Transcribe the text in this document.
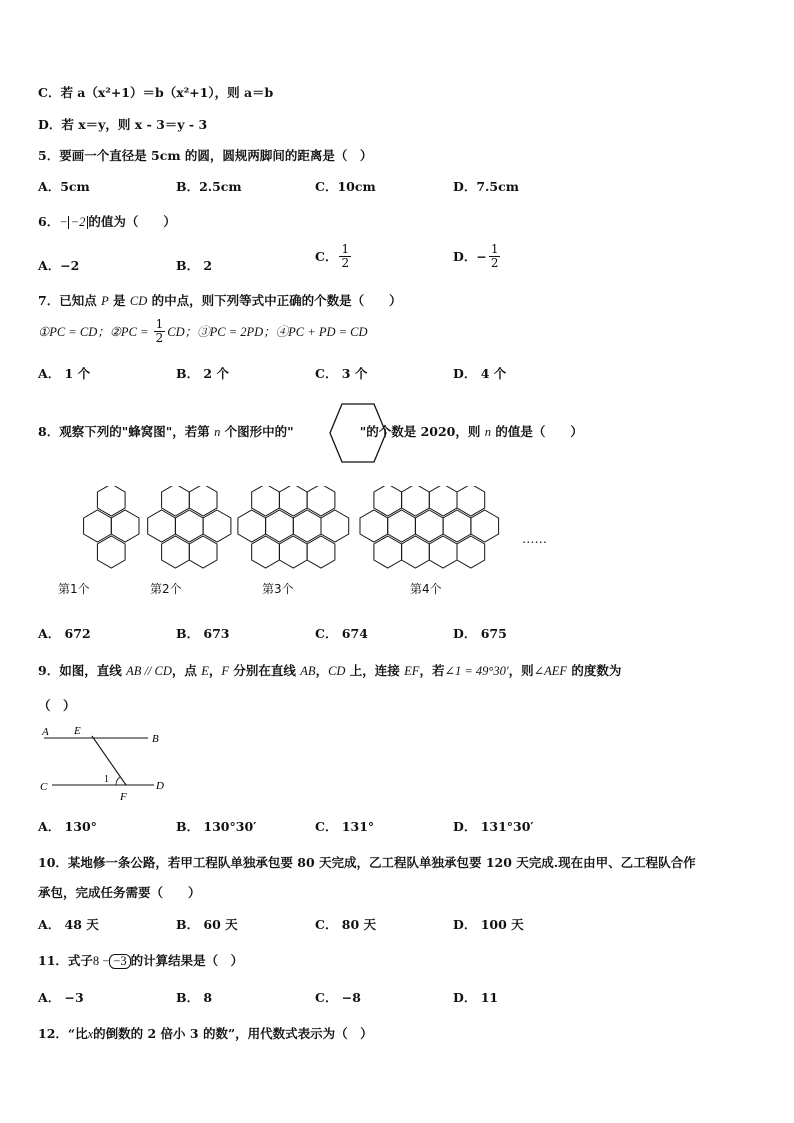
C．若 a（x²+1）＝b（x²+1），则 a＝b
D．若 x＝y，则 x - 3＝y - 3
5．要画一个直径是 5cm 的圆，圆规两脚间的距离是（　）
A．5cm	B．2.5cm	C．10cm	D．7.5cm
6．− −2 的值为（　　）
A．−2	B． 2
C． $\frac{1}{2}$	D．− $\frac{1}{2}$
7．已知点 P 是 CD 的中点，则下列等式中正确的个数是（　　）
①PC = CD；②PC = $\frac{1}{2}$ CD；③PC = 2PD；④PC + PD = CD
A． 1 个	B． 2 个	C． 3 个	D． 4 个
8．观察下列的"蜂窝图"，若第 n 个图形中的"	"的个数是 2020，则 n 的值是（　　）
第1个	第2个	第3个	第4个
……
A． 672	B． 673	C． 674	D． 675
9．如图，直线 AB // CD，点 E，F 分别在直线 AB，CD 上，连接 EF，若∠1 = 49°30′，则∠AEF 的度数为
（　）
A E
B
C	D
F
1
A． 130°	B． 130°30′	C． 131°	D． 131°30′
10．某地修一条公路，若甲工程队单独承包要 80 天完成，乙工程队单独承包要 120 天完成.现在由甲、乙工程队合作
承包，完成任务需要（　　）
A． 48 天	B． 60 天	C． 80 天	D． 100 天
11．式子8 − −3 的计算结果是（　）
A． −3	B． 8	C． −8	D． 11
12．“比x的倒数的 2 倍小 3 的数”，用代数式表示为（　）
